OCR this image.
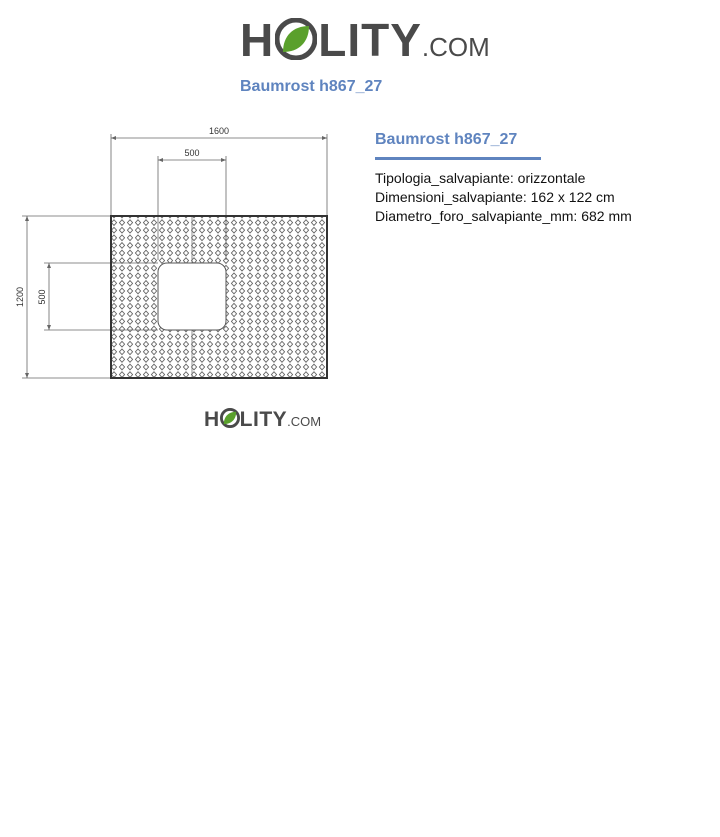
H LITY .COM
Baumrost h867_27
1600
500
1200 500
H LITY .COM
Baumrost h867_27
Tipologia_salvapiante: orizzontale
Dimensioni_salvapiante: 162 x 122 cm
Diametro_foro_salvapiante_mm: 682 mm
